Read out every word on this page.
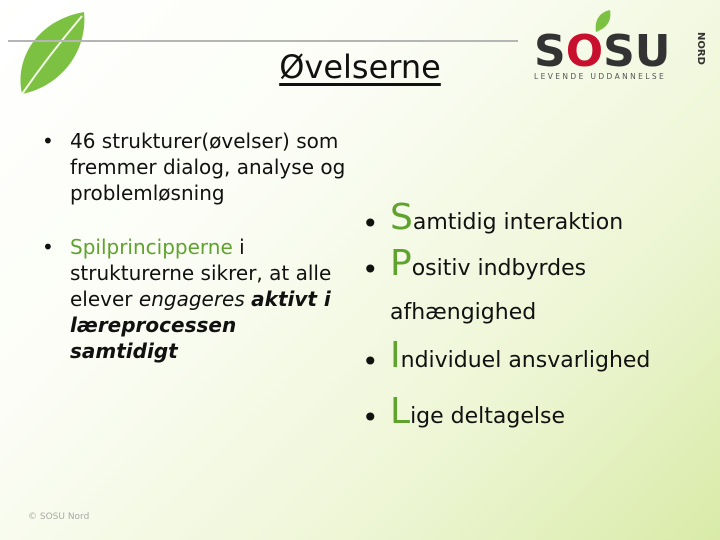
Øvelserne	SOSU NORD
LEVENDE UDDANNELSE
• 46 strukturer(øvelser) som fremmer dialog, analyse og problemløsning
• Spilprincipperne i strukturerne sikrer, at alle elever engageres aktivt i læreprocessen samtidigt
• Samtidig interaktion
• Positiv indbyrdes afhængighed
• Individuel ansvarlighed
• Lige deltagelse
© SOSU Nord
